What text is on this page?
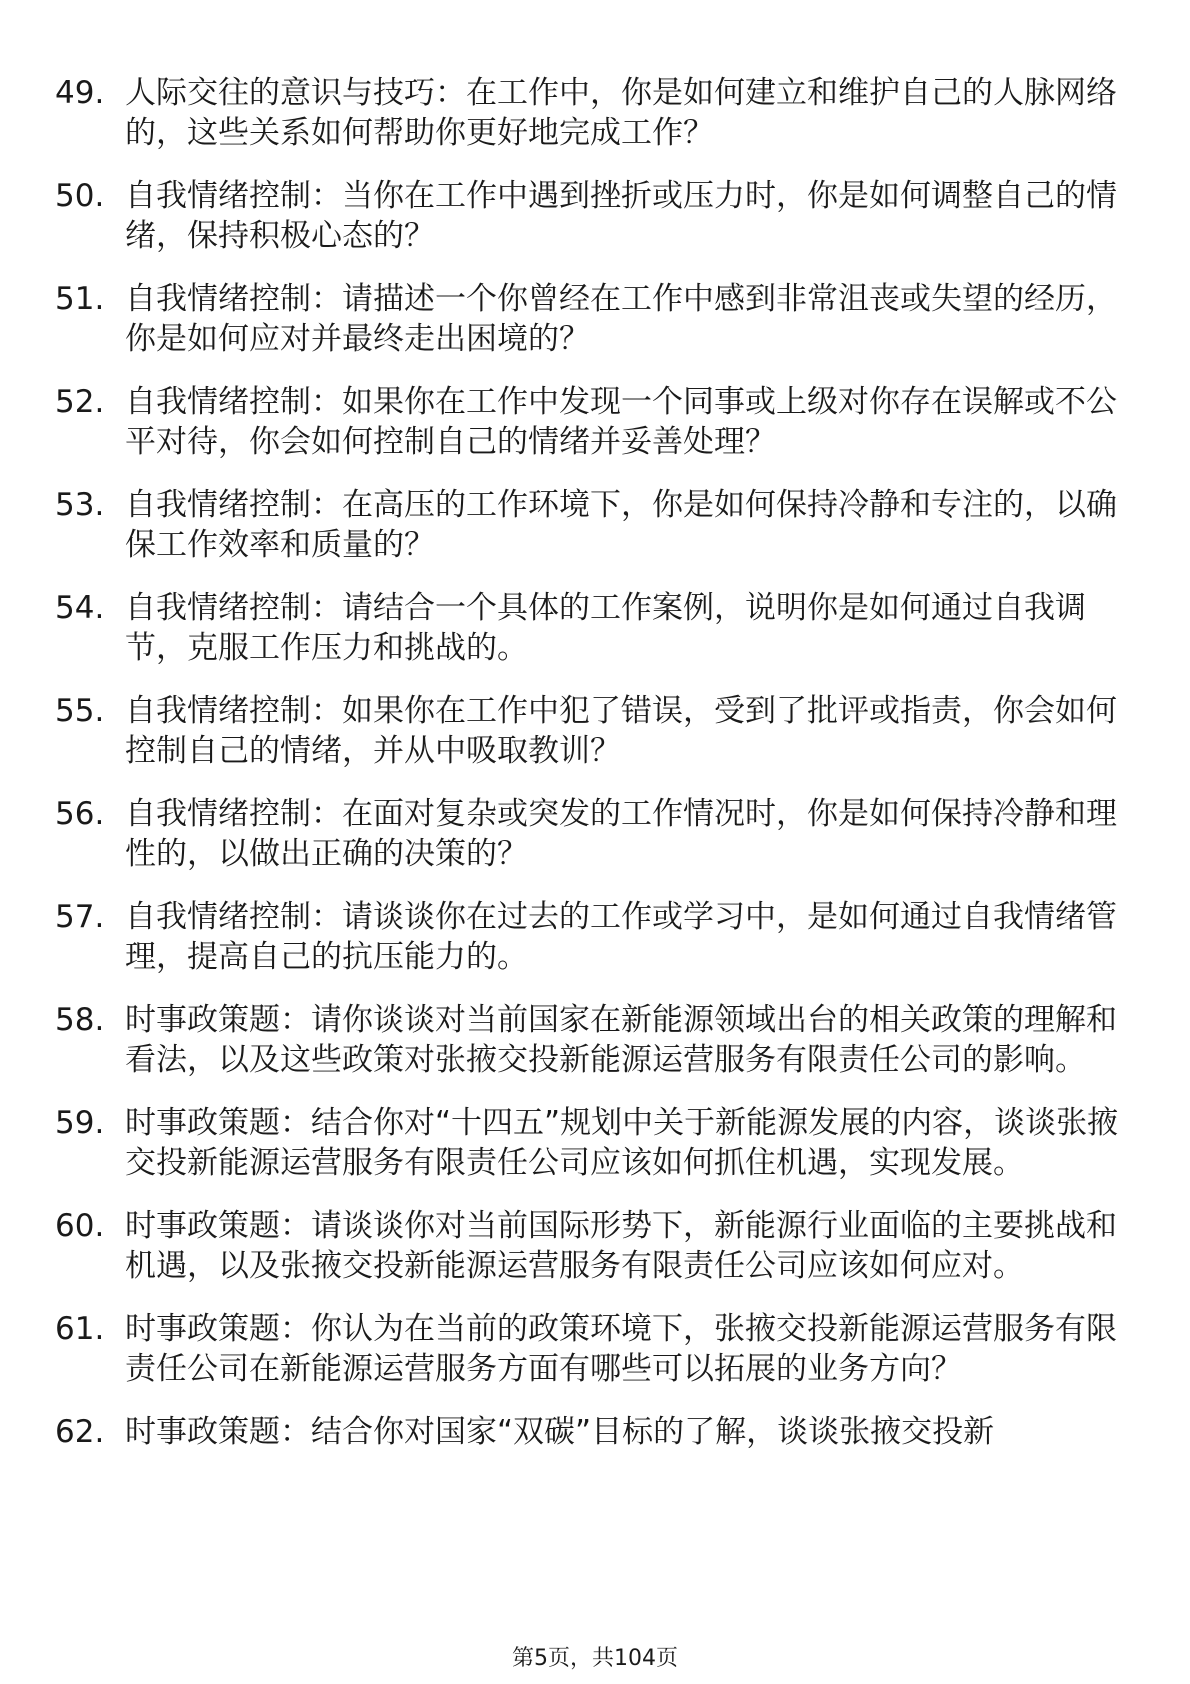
49. 人际交往的意识与技巧：在工作中，你是如何建立和维护自己的人脉网络的，这些关系如何帮助你更好地完成工作？
50. 自我情绪控制：当你在工作中遇到挫折或压力时，你是如何调整自己的情绪，保持积极心态的？
51. 自我情绪控制：请描述一个你曾经在工作中感到非常沮丧或失望的经历，你是如何应对并最终走出困境的？
52. 自我情绪控制：如果你在工作中发现一个同事或上级对你存在误解或不公平对待，你会如何控制自己的情绪并妥善处理？
53. 自我情绪控制：在高压的工作环境下，你是如何保持冷静和专注的，以确保工作效率和质量的？
54. 自我情绪控制：请结合一个具体的工作案例，说明你是如何通过自我调节，克服工作压力和挑战的。
55. 自我情绪控制：如果你在工作中犯了错误，受到了批评或指责，你会如何控制自己的情绪，并从中吸取教训？
56. 自我情绪控制：在面对复杂或突发的工作情况时，你是如何保持冷静和理性的，以做出正确的决策的？
57. 自我情绪控制：请谈谈你在过去的工作或学习中，是如何通过自我情绪管理，提高自己的抗压能力的。
58. 时事政策题：请你谈谈对当前国家在新能源领域出台的相关政策的理解和看法，以及这些政策对张掖交投新能源运营服务有限责任公司的影响。
59. 时事政策题：结合你对“十四五”规划中关于新能源发展的内容，谈谈张掖交投新能源运营服务有限责任公司应该如何抓住机遇，实现发展。
60. 时事政策题：请谈谈你对当前国际形势下，新能源行业面临的主要挑战和机遇，以及张掖交投新能源运营服务有限责任公司应该如何应对。
61. 时事政策题：你认为在当前的政策环境下，张掖交投新能源运营服务有限责任公司在新能源运营服务方面有哪些可以拓展的业务方向？
62. 时事政策题：结合你对国家“双碳”目标的了解，谈谈张掖交投新
第5页，共104页
